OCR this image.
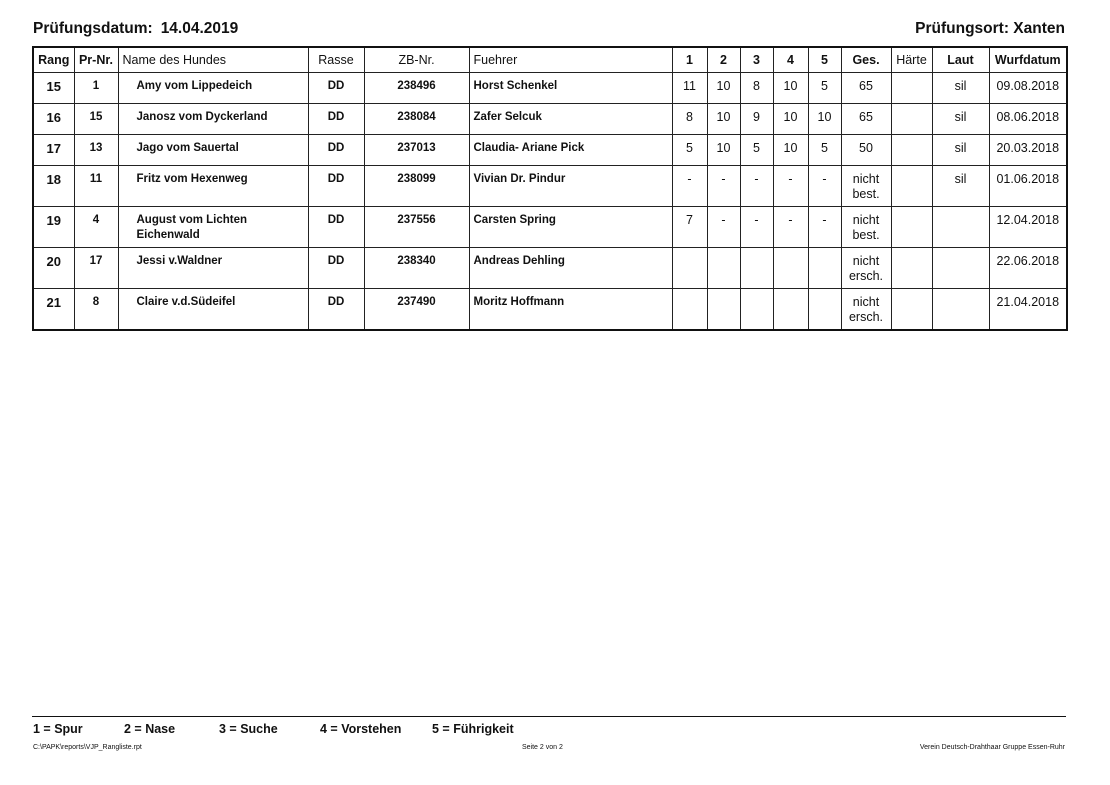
Prüfungsdatum: 14.04.2019	Prüfungsort: Xanten
Rang	Pr-Nr.	Name des Hundes	Rasse	ZB-Nr.	Fuehrer	1	2	3	4	5	Ges.	Härte	Laut	Wurfdatum
15	1	Amy vom Lippedeich	DD	238496	Horst Schenkel	11	10	8	10	5	65		sil	09.08.2018
16	15	Janosz vom Dyckerland	DD	238084	Zafer Selcuk	8	10	9	10	10	65		sil	08.06.2018
17	13	Jago vom Sauertal	DD	237013	Claudia- Ariane Pick	5	10	5	10	5	50		sil	20.03.2018
18	11	Fritz vom Hexenweg	DD	238099	Vivian Dr. Pindur	-	-	-	-	-	nicht best.		sil	01.06.2018
19	4	August vom Lichten Eichenwald	DD	237556	Carsten Spring	7	-	-	-	-	nicht best.			12.04.2018
20	17	Jessi v.Waldner	DD	238340	Andreas Dehling						nicht ersch.			22.06.2018
21	8	Claire v.d.Südeifel	DD	237490	Moritz Hoffmann						nicht ersch.			21.04.2018
1 = Spur	2 = Nase	3 = Suche	4 = Vorstehen 5 = Führigkeit
C:\PAPK\reports\VJP_Rangliste.rpt	Seite 2 von 2	Verein Deutsch-Drahthaar Gruppe Essen-Ruhr
